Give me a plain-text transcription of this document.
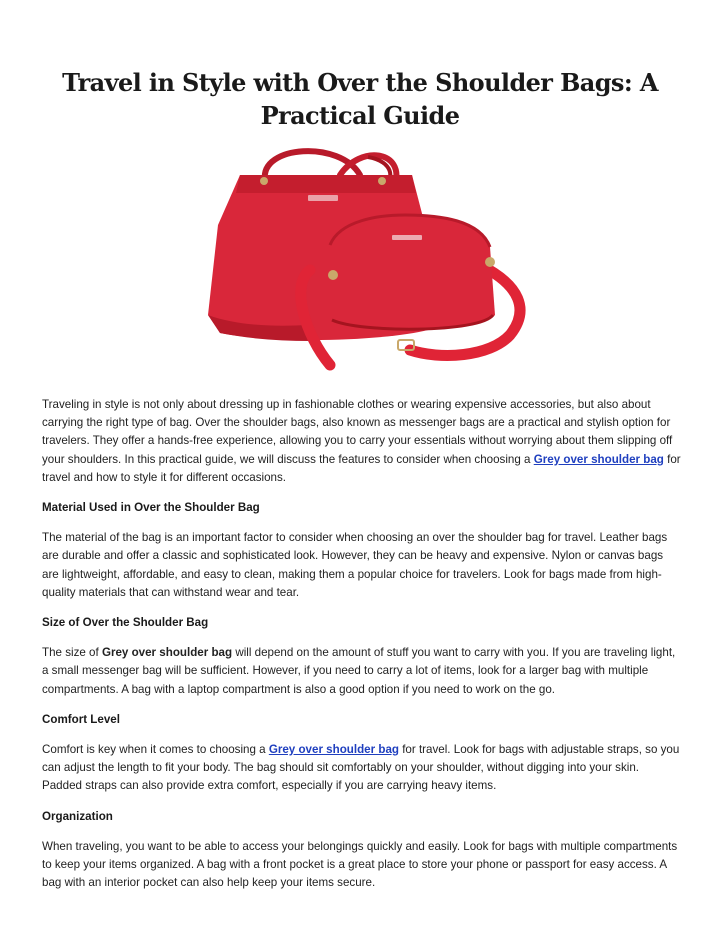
Travel in Style with Over the Shoulder Bags: A Practical Guide

Traveling in style is not only about dressing up in fashionable clothes or wearing expensive accessories, but also about carrying the right type of bag. Over the shoulder bags, also known as messenger bags are a practical and stylish option for travelers. They offer a hands-free experience, allowing you to carry your essentials without worrying about them slipping off your shoulders. In this practical guide, we will discuss the features to consider when choosing a Grey over shoulder bag for travel and how to style it for different occasions.

Material Used in Over the Shoulder Bag

The material of the bag is an important factor to consider when choosing an over the shoulder bag for travel. Leather bags are durable and offer a classic and sophisticated look. However, they can be heavy and expensive. Nylon or canvas bags are lightweight, affordable, and easy to clean, making them a popular choice for travelers. Look for bags made from high-quality materials that can withstand wear and tear.

Size of Over the Shoulder Bag

The size of Grey over shoulder bag will depend on the amount of stuff you want to carry with you. If you are traveling light, a small messenger bag will be sufficient. However, if you need to carry a lot of items, look for a larger bag with multiple compartments. A bag with a laptop compartment is also a good option if you need to work on the go.

Comfort Level

Comfort is key when it comes to choosing a Grey over shoulder bag for travel. Look for bags with adjustable straps, so you can adjust the length to fit your body. The bag should sit comfortably on your shoulder, without digging into your skin. Padded straps can also provide extra comfort, especially if you are carrying heavy items.

Organization

When traveling, you want to be able to access your belongings quickly and easily. Look for bags with multiple compartments to keep your items organized. A bag with a front pocket is a great place to store your phone or passport for easy access. A bag with an interior pocket can also help keep your items secure.
